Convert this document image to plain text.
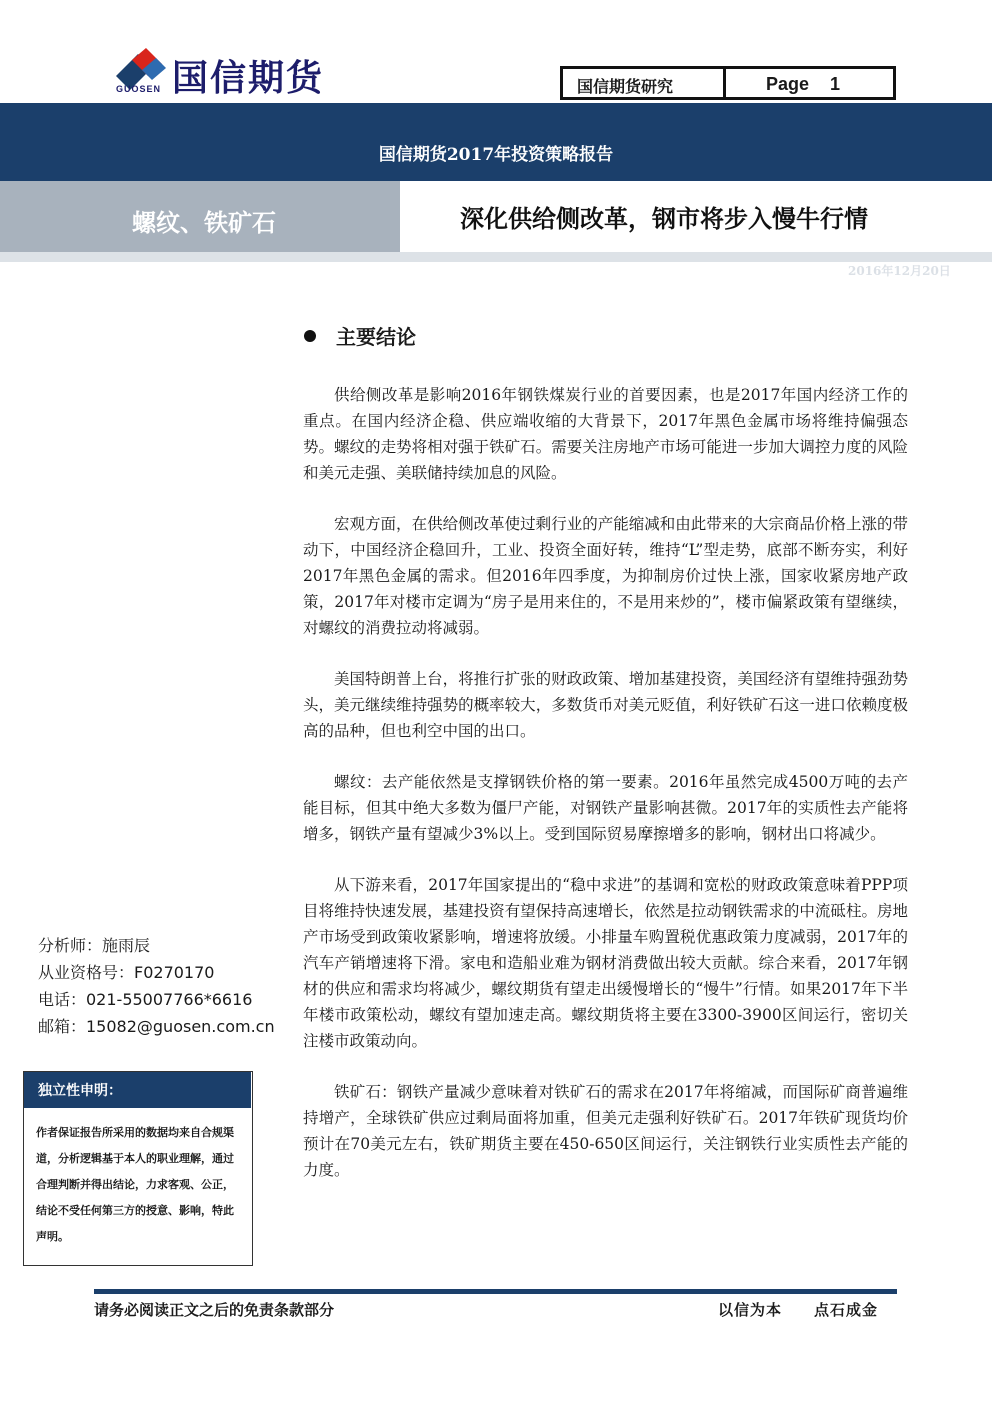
GUOSEN 国信期货	国信期货研究	Page 1
国信期货2017年投资策略报告
螺纹、铁矿石	深化供给侧改革，钢市将步入慢牛行情
2016年12月20日
主要结论

供给侧改革是影响2016年钢铁煤炭行业的首要因素，也是2017年国内经济工作的重点。在国内经济企稳、供应端收缩的大背景下，2017年黑色金属市场将维持偏强态势。螺纹的走势将相对强于铁矿石。需要关注房地产市场可能进一步加大调控力度的风险和美元走强、美联储持续加息的风险。

宏观方面，在供给侧改革使过剩行业的产能缩减和由此带来的大宗商品价格上涨的带动下，中国经济企稳回升，工业、投资全面好转，维持“L”型走势，底部不断夯实，利好2017年黑色金属的需求。但2016年四季度，为抑制房价过快上涨，国家收紧房地产政策，2017年对楼市定调为“房子是用来住的，不是用来炒的”，楼市偏紧政策有望继续，对螺纹的消费拉动将减弱。

美国特朗普上台，将推行扩张的财政政策、增加基建投资，美国经济有望维持强劲势头，美元继续维持强势的概率较大，多数货币对美元贬值，利好铁矿石这一进口依赖度极高的品种，但也利空中国的出口。

螺纹：去产能依然是支撑钢铁价格的第一要素。2016年虽然完成4500万吨的去产能目标，但其中绝大多数为僵尸产能，对钢铁产量影响甚微。2017年的实质性去产能将增多，钢铁产量有望减少3%以上。受到国际贸易摩擦增多的影响，钢材出口将减少。

从下游来看，2017年国家提出的“稳中求进”的基调和宽松的财政政策意味着PPP项目将维持快速发展，基建投资有望保持高速增长，依然是拉动钢铁需求的中流砥柱。房地产市场受到政策收紧影响，增速将放缓。小排量车购置税优惠政策力度减弱，2017年的汽车产销增速将下滑。家电和造船业难为钢材消费做出较大贡献。综合来看，2017年钢材的供应和需求均将减少，螺纹期货有望走出缓慢增长的“慢牛”行情。如果2017年下半年楼市政策松动，螺纹有望加速走高。螺纹期货将主要在3300-3900区间运行，密切关注楼市政策动向。

铁矿石：钢铁产量减少意味着对铁矿石的需求在2017年将缩减，而国际矿商普遍维持增产，全球铁矿供应过剩局面将加重，但美元走强利好铁矿石。2017年铁矿现货均价预计在70美元左右，铁矿期货主要在450-650区间运行，关注钢铁行业实质性去产能的力度。

分析师：施雨辰
从业资格号：F0270170
电话：021-55007766*6616
邮箱：15082@guosen.com.cn
独立性申明：
作者保证报告所采用的数据均来自合规渠道，分析逻辑基于本人的职业理解，通过合理判断并得出结论，力求客观、公正，结论不受任何第三方的授意、影响，特此声明。
请务必阅读正文之后的免责条款部分	以信为本 点石成金
